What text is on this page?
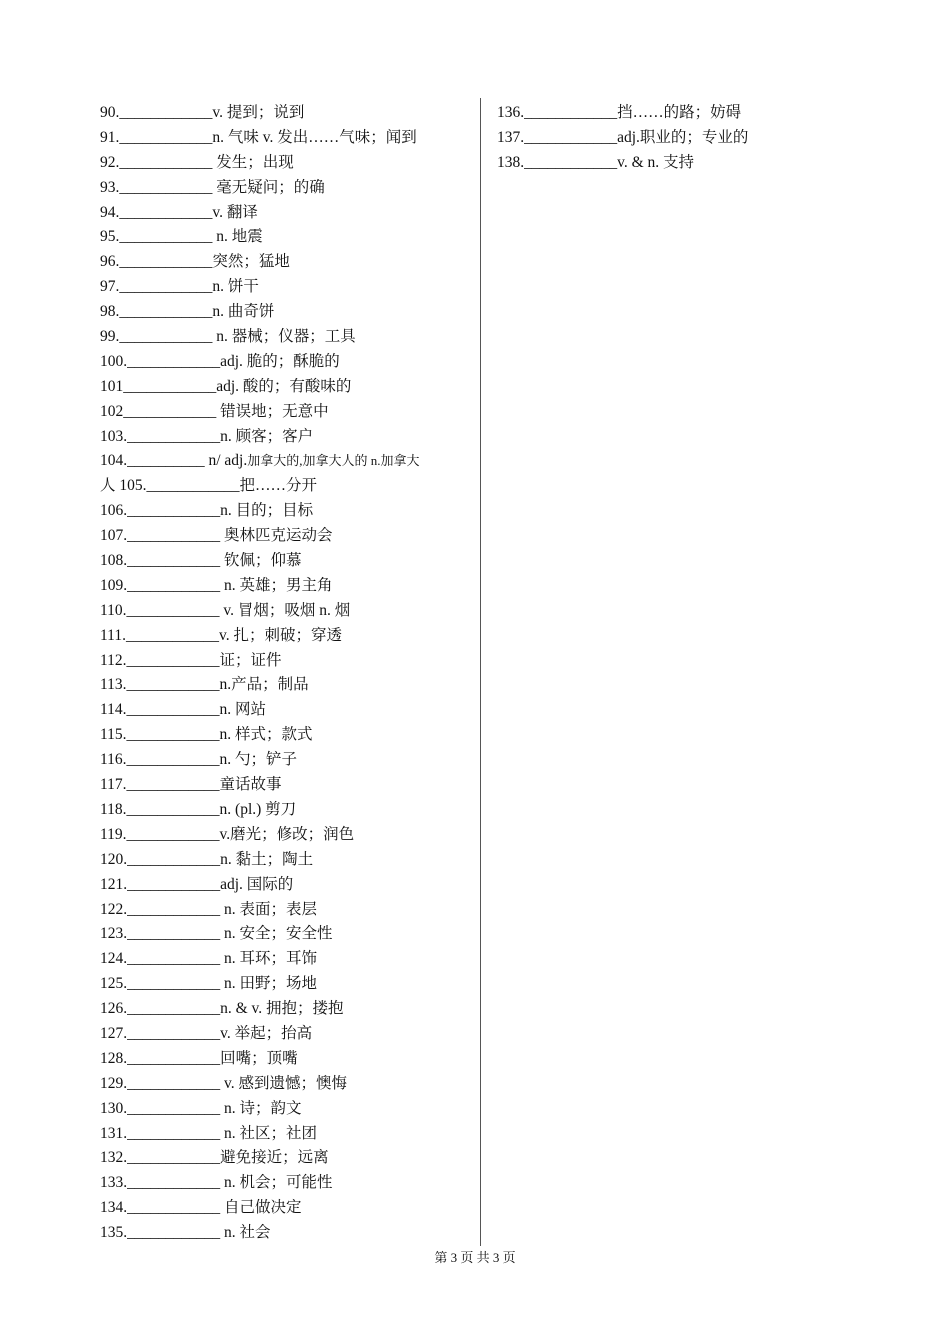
90.____________v. 提到；说到
91.____________n. 气味 v. 发出……气味；闻到
92.____________ 发生；出现
93.____________ 毫无疑问；的确
94.____________v. 翻译
95.____________ n. 地震
96.____________突然；猛地
97.____________n. 饼干
98.____________n. 曲奇饼
99.____________ n. 器械；仪器；工具
100.____________adj. 脆的；酥脆的
101____________adj. 酸的；有酸味的
102____________ 错误地；无意中
103.____________n. 顾客；客户
104.__________ n/ adj.加拿大的,加拿大人的 n.加拿大
人 105.____________把……分开
106.____________n. 目的；目标
107.____________ 奥林匹克运动会
108.____________ 钦佩；仰慕
109.____________ n. 英雄；男主角
110.____________ v. 冒烟；吸烟 n. 烟
111.____________v. 扎；刺破；穿透
112.____________证；证件
113.____________n.产品；制品
114.____________n. 网站
115.____________n. 样式；款式
116.____________n. 勺；铲子
117.____________童话故事
118.____________n. (pl.) 剪刀
119.____________v.磨光；修改；润色
120.____________n. 黏土；陶土
121.____________adj. 国际的
122.____________ n. 表面；表层
123.____________ n. 安全；安全性
124.____________ n. 耳环；耳饰
125.____________ n. 田野；场地
126.____________n. & v. 拥抱；搂抱
127.____________v. 举起；抬高
128.____________回嘴；顶嘴
129.____________ v. 感到遗憾；懊悔
130.____________ n. 诗；韵文
131.____________ n. 社区；社团
132.____________避免接近；远离
133.____________ n. 机会；可能性
134.____________ 自己做决定
135.____________ n. 社会
136.____________挡……的路；妨碍
137.____________adj.职业的；专业的
138.____________v. & n. 支持
第 3 页 共 3 页
